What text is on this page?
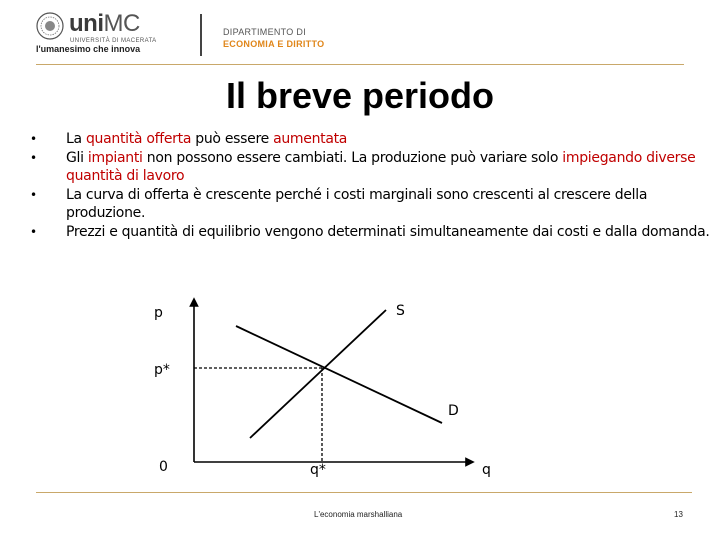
uniMC
UNIVERSITÀ DI MACERATA
l'umanesimo che innova
DIPARTIMENTO DI
ECONOMIA E DIRITTO
Il breve periodo
• La quantità offerta può essere aumentata
• Gli impianti non possono essere cambiati. La produzione può variare solo impiegando diverse quantità di lavoro
• La curva di offerta è crescente perché i costi marginali sono crescenti al crescere della produzione.
• Prezzi e quantità di equilibrio vengono determinati simultaneamente dai costi e dalla domanda.
p
p*
0
S
D
q*	q
L'economia marshalliana	13
